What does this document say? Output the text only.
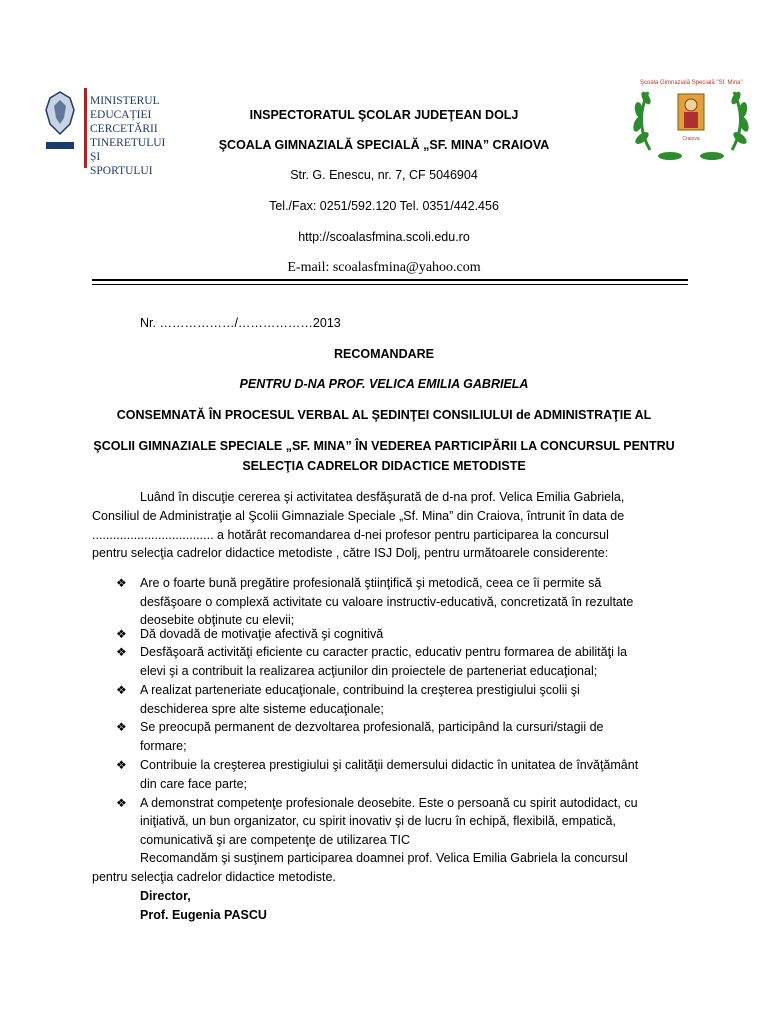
MINISTERUL
EDUCAȚIEI
CERCETĂRII
TINERETULUI
ȘI SPORTULUI
Şcoala Gimnazială Specială "Sf. Mina"
Craiova
INSPECTORATUL ŞCOLAR JUDEŢEAN DOLJ
ŞCOALA GIMNAZIALĂ SPECIALĂ „SF. MINA” CRAIOVA
Str. G. Enescu, nr. 7, CF 5046904
Tel./Fax: 0251/592.120 Tel. 0351/442.456
http://scoalasfmina.scoli.edu.ro
E-mail: scoalasfmina@yahoo.com
Nr. ………………/………………2013
RECOMANDARE
PENTRU D-NA PROF. VELICA EMILIA GABRIELA
CONSEMNATĂ ÎN PROCESUL VERBAL AL ŞEDINŢEI CONSILIULUI de ADMINISTRAŢIE AL
ŞCOLII GIMNAZIALE SPECIALE „SF. MINA” ÎN VEDEREA PARTICIPĂRII LA CONCURSUL PENTRU
SELECŢIA CADRELOR DIDACTICE METODISTE
Luând în discuţie cererea şi activitatea desfăşurată de d-na prof. Velica Emilia Gabriela,
Consiliul de Administraţie al Şcolii Gimnaziale Speciale „Sf. Mina” din Craiova, întrunit în data de
................................... a hotărât recomandarea d-nei profesor pentru participarea la concursul
pentru selecţia cadrelor didactice metodiste , către ISJ Dolj, pentru următoarele considerente:
❖ Are o foarte bună pregătire profesională ştiinţifică şi metodică, ceea ce îi permite să
desfăşoare o complexă activitate cu valoare instructiv-educativă, concretizată în rezultate
deosebite obţinute cu elevii;
❖ Dă dovadă de motivaţie afectivă şi cognitivă
❖ Desfăşoară activităţi eficiente cu caracter practic, educativ pentru formarea de abilităţi la
elevi şi a contribuit la realizarea acţiunilor din proiectele de parteneriat educaţional;
❖ A realizat parteneriate educaţionale, contribuind la creşterea prestigiului şcolii şi
deschiderea spre alte sisteme educaţionale;
❖ Se preocupă permanent de dezvoltarea profesională, participând la cursuri/stagii de
formare;
❖ Contribuie la creşterea prestigiului şi calităţii demersului didactic în unitatea de învăţământ
din care face parte;
❖ A demonstrat competenţe profesionale deosebite. Este o persoană cu spirit autodidact, cu
iniţiativă, un bun organizator, cu spirit inovativ şi de lucru în echipă, flexibilă, empatică,
comunicativă şi are competenţe de utilizarea TIC
Recomandăm şi susţinem participarea doamnei prof. Velica Emilia Gabriela la concursul
pentru selecţia cadrelor didactice metodiste.
Director,
Prof. Eugenia PASCU
